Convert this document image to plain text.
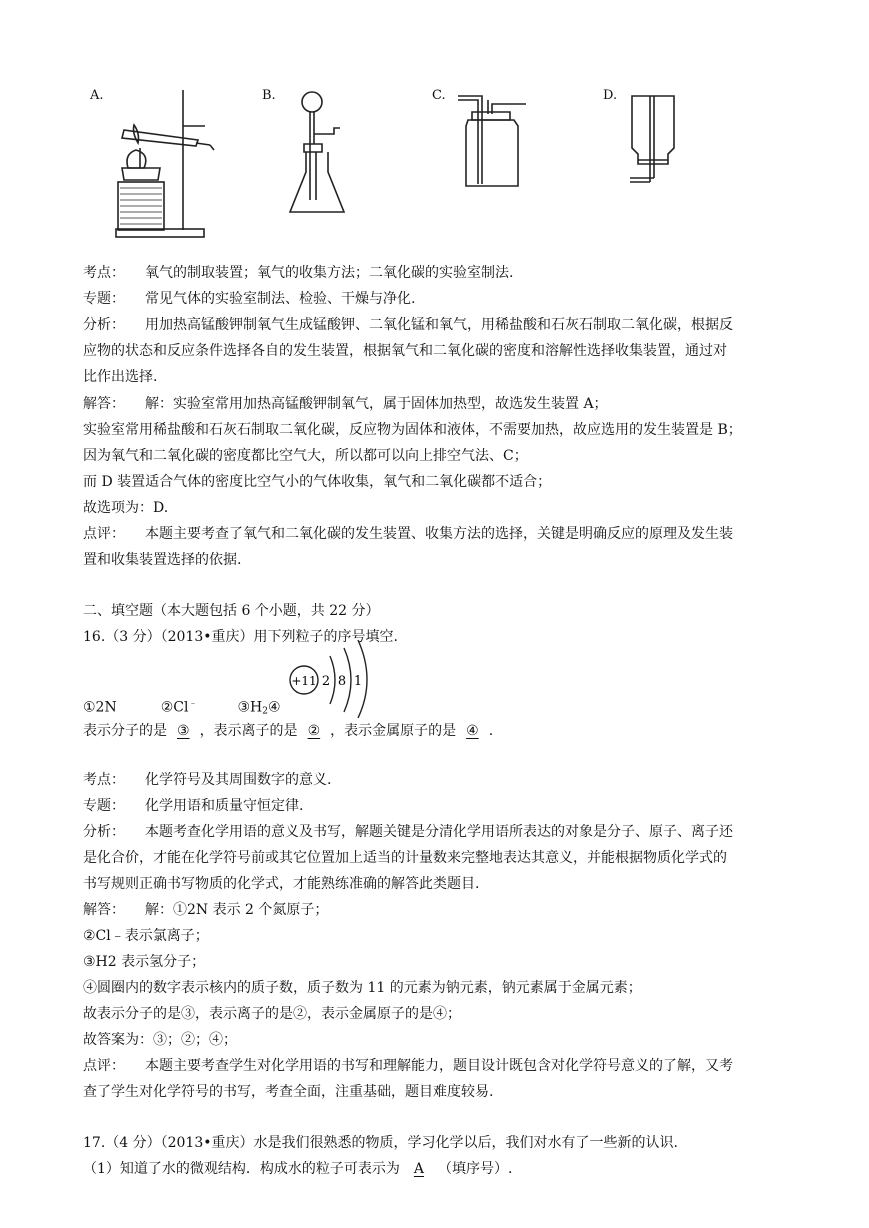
A.	B.	C.	D.
考点： 氧气的制取装置；氧气的收集方法；二氧化碳的实验室制法.
专题： 常见气体的实验室制法、检验、干燥与净化.
分析： 用加热高锰酸钾制氧气生成锰酸钾、二氧化锰和氧气，用稀盐酸和石灰石制取二氧化碳，根据反
应物的状态和反应条件选择各自的发生装置，根据氧气和二氧化碳的密度和溶解性选择收集装置，通过对
比作出选择.
解答： 解：实验室常用加热高锰酸钾制氧气，属于固体加热型，故选发生装置 A；
实验室常用稀盐酸和石灰石制取二氧化碳，反应物为固体和液体，不需要加热，故应选用的发生装置是 B；
因为氧气和二氧化碳的密度都比空气大，所以都可以向上排空气法、C；
而 D 装置适合气体的密度比空气小的气体收集，氧气和二氧化碳都不适合；
故选项为：D.
点评： 本题主要考查了氧气和二氧化碳的发生装置、收集方法的选择，关键是明确反应的原理及发生装
置和收集装置选择的依据.
二、填空题（本大题包括 6 个小题，共 22 分）
16.（3 分）（2013•重庆）用下列粒子的序号填空.
+11 2 8 1
①2N	②Cl﹣	$③H_2④$
表示分子的是 ③ ，表示离子的是 ② ，表示金属原子的是 ④ .
考点： 化学符号及其周围数字的意义.
专题： 化学用语和质量守恒定律.
分析： 本题考查化学用语的意义及书写，解题关键是分清化学用语所表达的对象是分子、原子、离子还
是化合价，才能在化学符号前或其它位置加上适当的计量数来完整地表达其意义，并能根据物质化学式的
书写规则正确书写物质的化学式，才能熟练准确的解答此类题目.
解答： 解：①2N 表示 2 个氮原子；
②Cl﹣表示氯离子；
③H2 表示氢分子；
④圆圈内的数字表示核内的质子数，质子数为 11 的元素为钠元素，钠元素属于金属元素；
故表示分子的是③，表示离子的是②，表示金属原子的是④；
故答案为：③；②；④；
点评： 本题主要考查学生对化学用语的书写和理解能力，题目设计既包含对化学符号意义的了解，又考
查了学生对化学符号的书写，考查全面，注重基础，题目难度较易.
17.（4 分）（2013•重庆）水是我们很熟悉的物质，学习化学以后，我们对水有了一些新的认识.
（1）知道了水的微观结构．构成水的粒子可表示为 A （填序号）.
